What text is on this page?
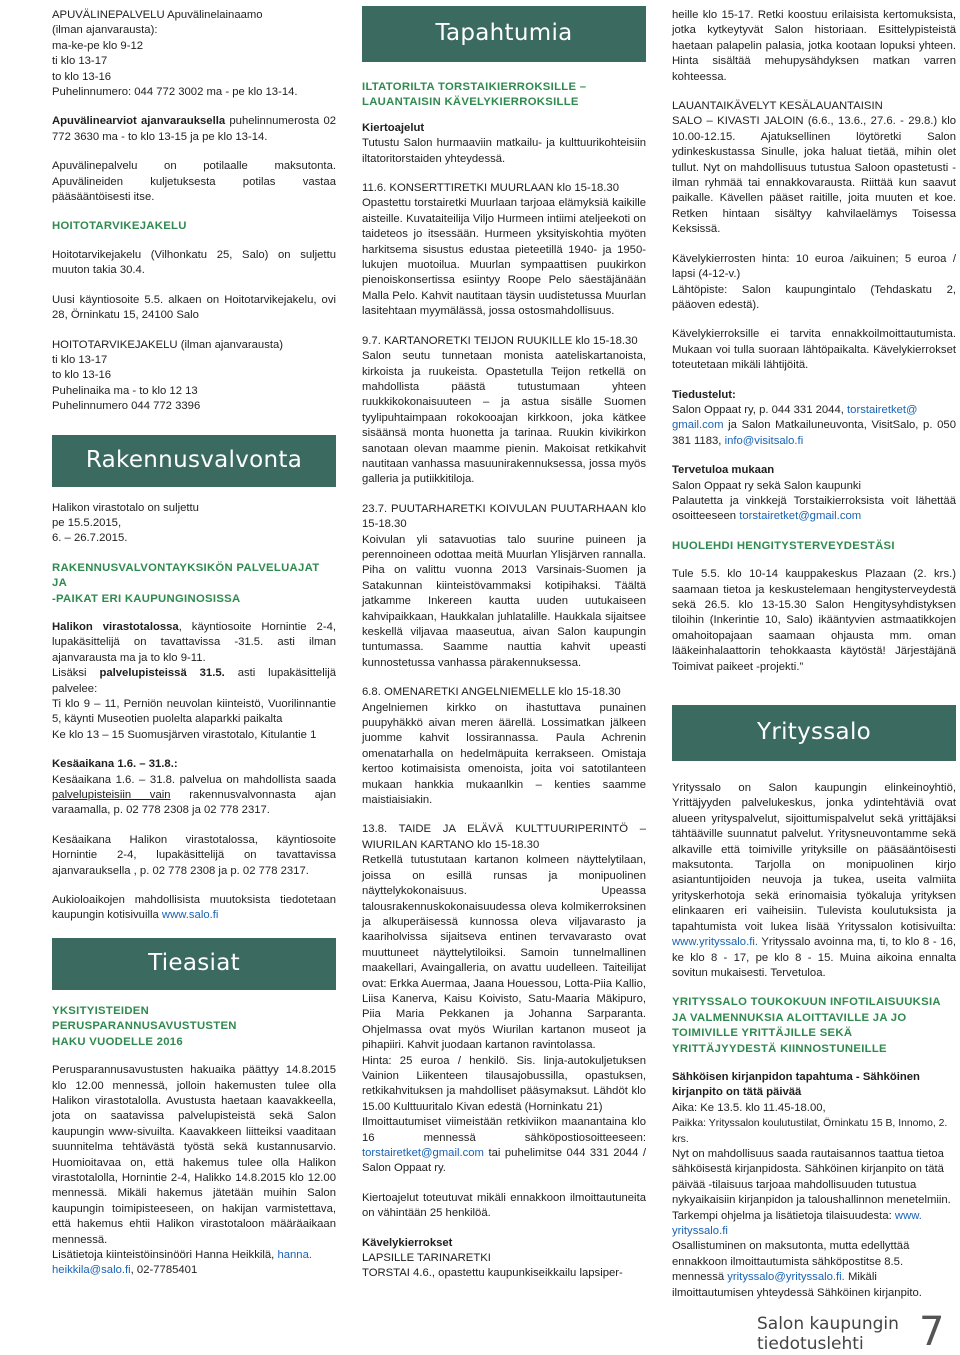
APUVÄLINEPALVELU Apuvälinelainaamo
(ilman ajanvarausta):
ma-ke-pe klo 9-12
ti klo 13-17
to klo 13-16
Puhelinnumero: 044 772 3002 ma - pe klo 13-14.

Apuvälinearviot ajanvarauksella puhelinnumerosta 02 772 3630 ma - to klo 13-15 ja pe klo 13-14.

Apuvälinepalvelu on potilaalle maksutonta. Apuvälineiden kuljetuksesta potilas vastaa pääsääntöisesti itse.

HOITOTARVIKEJAKELU

Hoitotarvikejakelu (Vilhonkatu 25, Salo) on suljettu muuton takia 30.4.

Uusi käyntiosoite 5.5. alkaen on Hoitotarvikejakelu, ovi 28, Örninkatu 15, 24100 Salo

HOITOTARVIKEJAKELU (ilman ajanvarausta)
ti klo 13-17
to klo 13-16
Puhelinaika ma - to klo 12 13
Puhelinnumero 044 772 3396

Rakennusvalvonta

Halikon virastotalo on suljettu
pe 15.5.2015,
6. – 26.7.2015.

RAKENNUSVALVONTAYKSIKÖN PALVELUAJAT JA
-PAIKAT ERI KAUPUNGINOSISSA

Halikon virastotalossa, käyntiosoite Hornintie 2-4, lupakäsittelijä on tavattavissa -31.5. asti ilman ajanvarausta ma ja to klo 9-11.
Lisäksi palvelupisteissä 31.5. asti lupakäsittelijä palvelee:
Ti klo 9 – 11, Perniön neuvolan kiinteistö, Vuorilinnantie 5, käynti Museotien puolelta alaparkki paikalta
Ke klo 13 – 15 Suomusjärven virastotalo, Kitulantie 1

Kesäaikana 1.6. – 31.8.:
Kesäaikana 1.6. – 31.8. palvelua on mahdollista saada palvelupisteisiin vain rakennusvalvonnasta ajan varaamalla, p. 02 778 2308 ja 02 778 2317.

Kesäaikana Halikon virastotalossa, käyntiosoite Hornintie 2-4, lupakäsittelijä on tavattavissa ajanvarauksella , p. 02 778 2308 ja p. 02 778 2317.

Aukioloaikojen mahdollisista muutoksista tiedotetaan kaupungin kotisivuilla www.salo.fi

Tieasiat
YKSITYISTEIDEN PERUSPARANNUSAVUSTUSTEN
HAKU VUODELLE 2016

Perusparannusavustusten hakuaika päättyy 14.8.2015 klo 12.00 mennessä, jolloin hakemusten tulee olla Halikon virastotalolla. Avustusta haetaan kaavakkeella, jota on saatavissa palvelupisteistä sekä Salon kaupungin www-sivuilta. Kaavakkeen liitteiksi vaaditaan suunnitelma tehtävästä työstä sekä kustannusarvio. Huomioitavaa on, että hakemus tulee olla Halikon virastotalolla, Hornintie 2-4, Halikko 14.8.2015 klo 12.00 mennessä. Mikäli hakemus jätetään muihin Salon kaupungin toimipisteeseen, on hakijan varmistettava, että hakemus ehtii Halikon virastotaloon määräaikaan mennessä.
Lisätietoja kiinteistöinsinööri Hanna Heikkilä, hanna.
heikkila@salo.fi, 02-7785401

Tapahtumia
ILTATORILTA TORSTAIKIERROKSILLE – LAUANTAISIN KÄVELYKIERROKSILLE
Kiertoajelut

Tutustu Salon hurmaaviin matkailu- ja kulttuurikohteisiin iltatoritorstaiden yhteydessä.

11.6. KONSERTTIRETKI MUURLAAN klo 15-18.30
Opastettu torstairetki Muurlaan tarjoaa elämyksiä kaikille aisteille. Kuvataiteilija Viljo Hurmeen intiimi ateljeekoti on taideteos jo itsessään. Hurmeen yksityiskohtia myöten harkitsema sisustus edustaa pieteetillä 1940- ja 1950-lukujen muotoilua. Muurlan sympaattisen puukirkon pienoiskonsertissa esiintyy Roope Pelo säestäjänään Malla Pelo. Kahvit nautitaan täysin uudistetussa Muurlan lasitehtaan myymälässä, jossa ostosmahdollisuus.

9.7. KARTANORETKI TEIJON RUUKILLE klo 15-18.30
Salon seutu tunnetaan monista aateliskartanoista, kirkoista ja ruukeista. Opastetulla Teijon retkellä on mahdollista päästä tutustumaan yhteen ruukkikokonaisuuteen – ja astua sisälle Suomen tyylipuhtaimpaan rokokooajan kirkkoon, joka kätkee sisäänsä monta huonetta ja tarinaa. Ruukin kivikirkon sanotaan olevan maamme pienin. Makoisat retkikahvit nautitaan vanhassa masuunirakennuksessa, jossa myös galleria ja putiikkitiloja.

23.7. PUUTARHARETKI KOIVULAN PUUTARHAAN klo 15-18.30
Koivulan yli satavuotias talo suurine puineen ja perennoineen odottaa meitä Muurlan Ylisjärven rannalla. Piha on valittu vuonna 2013 Varsinais-Suomen ja Satakunnan kiinteistövammaksi kotipihaksi. Täältä jatkamme Inkereen kautta uuden uutukaiseen kahvipaikkaan, Haukkalan juhlatalille. Haukkala sijaitsee keskellä viljavaa maaseutua, aivan Salon kaupungin tuntumassa. Saamme nauttia kahvit upeasti kunnostetussa vanhassa pärakennuksessa.

6.8. OMENARETKI ANGELNIEMELLE klo 15-18.30
Angelniemen kirkko on ihastuttava punainen puupyhäkkö aivan meren äärellä. Lossimatkan jälkeen juomme kahvit lossirannassa. Paula Achrenin omenatarhalla on hedelmäpuita kerrakseen. Omistaja kertoo kotimaisista omenoista, joita voi satotilanteen mukaan hankkia mukaanlkin – kenties saamme maistiaisiakin.

13.8. TAIDE JA ELÄVÄ KULTTUURIPERINTÖ – WIURILAN KARTANO klo 15-18.30
Retkellä tutustutaan kartanon kolmeen näyttelytilaan, joissa on esillä runsas ja monipuolinen näyttelykokonaisuus. Upeassa talousrakennuskokonaisuudessa oleva kolmikerroksinen ja alkuperäisessä kunnossa oleva viljavarasto ja kaariholvissa sijaitseva entinen tervavarasto ovat muuttuneet näyttelytiloiksi. Samoin tunnelmallinen maakellari, Avaingalleria, on avattu uudelleen. Taiteilijat ovat: Erkka Auermaa, Jaana Houessou, Lotta-Piia Kallio, Liisa Kanerva, Kaisu Koivisto, Satu-Maaria Mäkipuro, Piia Maria Pekkanen ja Johanna Sarparanta. Ohjelmassa ovat myös Wiurilan kartanon museot ja pihapiiri. Kahvit juodaan kartanon ravintolassa.
Hinta: 25 euroa / henkilö. Sis. linja-autokuljetuksen Vainion Liikenteen tilausajobussilla, opastuksen, retkikahvituksen ja mahdolliset pääsymaksut. Lähdöt klo 15.00 Kulttuuritalo Kivan edestä (Horninkatu 21)
Ilmoittautumiset viimeistään retkiviikon maanantaina klo 16 mennessä sähköpostiosoitteeseen: torstairetket@gmail.com tai puhelimitse 044 331 2044 / Salon Oppaat ry.

Kiertoajelut toteutuvat mikäli ennakkoon ilmoittautuneita on vähintään 25 henkilöä.

Kävelykierrokset

LAPSILLE TARINARETKI
TORSTAI 4.6., opastettu kaupunkiseikkailu lapsiper-

heille klo 15-17. Retki koostuu erilaisista kertomuksista, jotka kytkeytyvät Salon historiaan. Esittelypisteistä haetaan palapelin palasia, jotka kootaan lopuksi yhteen. Hinta sisältää mehupysähdyksen matkan varren kohteessa.

LAUANTAIKÄVELYT KESÄLAUANTAISIN
SALO – KIVASTI JALOIN (6.6., 13.6., 27.6. - 29.8.) klo 10.00-12.15. Ajatuksellinen löytöretki Salon ydinkeskustassa Sinulle, joka haluat tietää, mihin olet tullut. Nyt on mahdollisuus tutustua Saloon opastetusti - ilman ryhmää tai ennakkovarausta. Riittää kun saavut paikalle. Kävellen pääset raitille, joita muuten et koe. Retken hintaan sisältyy kahvilaelämys Toisessa Keksissä.

Kävelykierrosten hinta: 10 euroa /aikuinen; 5 euroa / lapsi (4-12-v.)
Lähtöpiste: Salon kaupungintalo (Tehdaskatu 2, pääoven edestä).

Kävelykierroksille ei tarvita ennakkoilmoittautumista. Mukaan voi tulla suoraan lähtöpaikalta. Kävelykierrokset toteutetaan mikäli lähtijöitä.

Tiedustelut:
Salon Oppaat ry, p. 044 331 2044, torstairetket@
gmail.com ja Salon Matkailuneuvonta, VisitSalo, p. 050 381 1183, info@visitsalo.fi

Tervetuloa mukaan
Salon Oppaat ry sekä Salon kaupunki
Palautetta ja vinkkejä Torstaikierroksista voit lähettää osoitteeseen torstairetket@gmail.com

HUOLEHDI HENGITYSTERVEYDESTÄSI

Tule 5.5. klo 10-14 kauppakeskus Plazaan (2. krs.) saamaan tietoa ja keskustelemaan hengitysterveydestä sekä 26.5. klo 13-15.30 Salon Hengitysyhdistyksen tiloihin (Inkerintie 10, Salo) ikääntyvien astmaatikkojen omahoitopajaan saamaan ohjausta mm. oman lääkeinhalaattorin tehokkaasta käytöstä! Järjestäjänä Toimivat paikeet -projekti.”

Yrityssalo

Yrityssalo on Salon kaupungin elinkeinoyhtiö, Yrittäjyyden palvelukeskus, jonka ydintehtäviä ovat alueen yrityspalvelut, sijoittumispalvelut sekä yrittäjäksi tähtääville suunnatut palvelut. Yritysneuvontamme sekä alkaville että toimiville yrityksille on pääsääntöisesti maksutonta. Tarjolla on monipuolinen kirjo asiantuntijoiden neuvoja ja tukea, useita valmiita yrityskerhotoja sekä erinomaisia työkaluja yrityksen elinkaaren eri vaiheisiin. Tulevista koulutuksista ja tapahtumista voit lukea lisää Yrityssalon kotisivuilta: www.yrityssalo.fi. Yrityssalo avoinna ma, ti, to klo 8 - 16, ke klo 8 - 17, pe klo 8 - 15. Muina aikoina ennalta sovitun mukaisesti. Tervetuloa.

YRITYSSALO TOUKOKUUN INFOTILAISUUKSIA JA VALMENNUKSIA ALOITTAVILLE JA JO TOIMIVILLE YRITTÄJILLE SEKÄ YRITTÄJYYDESTÄ KIINNOSTUNEILLE

Sähköisen kirjanpidon tapahtuma - Sähköinen kirjanpito on tätä päivää
Aika: Ke 13.5. klo 11.45-18.00,
Paikka: Yrityssalon koulutustilat, Örninkatu 15 B, Innomo, 2. krs.
Nyt on mahdollisuus saada rautaisannos taattua tietoa sähköisestä kirjanpidosta. Sähköinen kirjanpito on tätä päivää -tilaisuus tarjoaa mahdollisuuden tutustua nykyaikaisiin kirjanpidon ja taloushallinnon menetelmiin. Tarkempi ohjelma ja lisätietoja tilaisuudesta: www. yrityssalo.fi
Osallistuminen on maksutonta, mutta edellyttää ennakkoon ilmoittautumista sähköpostitse 8.5. mennessä yrityssalo@yrityssalo.fi. Mikäli ilmoittautumisen yhteydessä Sähköinen kirjanpito.

Salon kaupungin
tiedotuslehti	7
